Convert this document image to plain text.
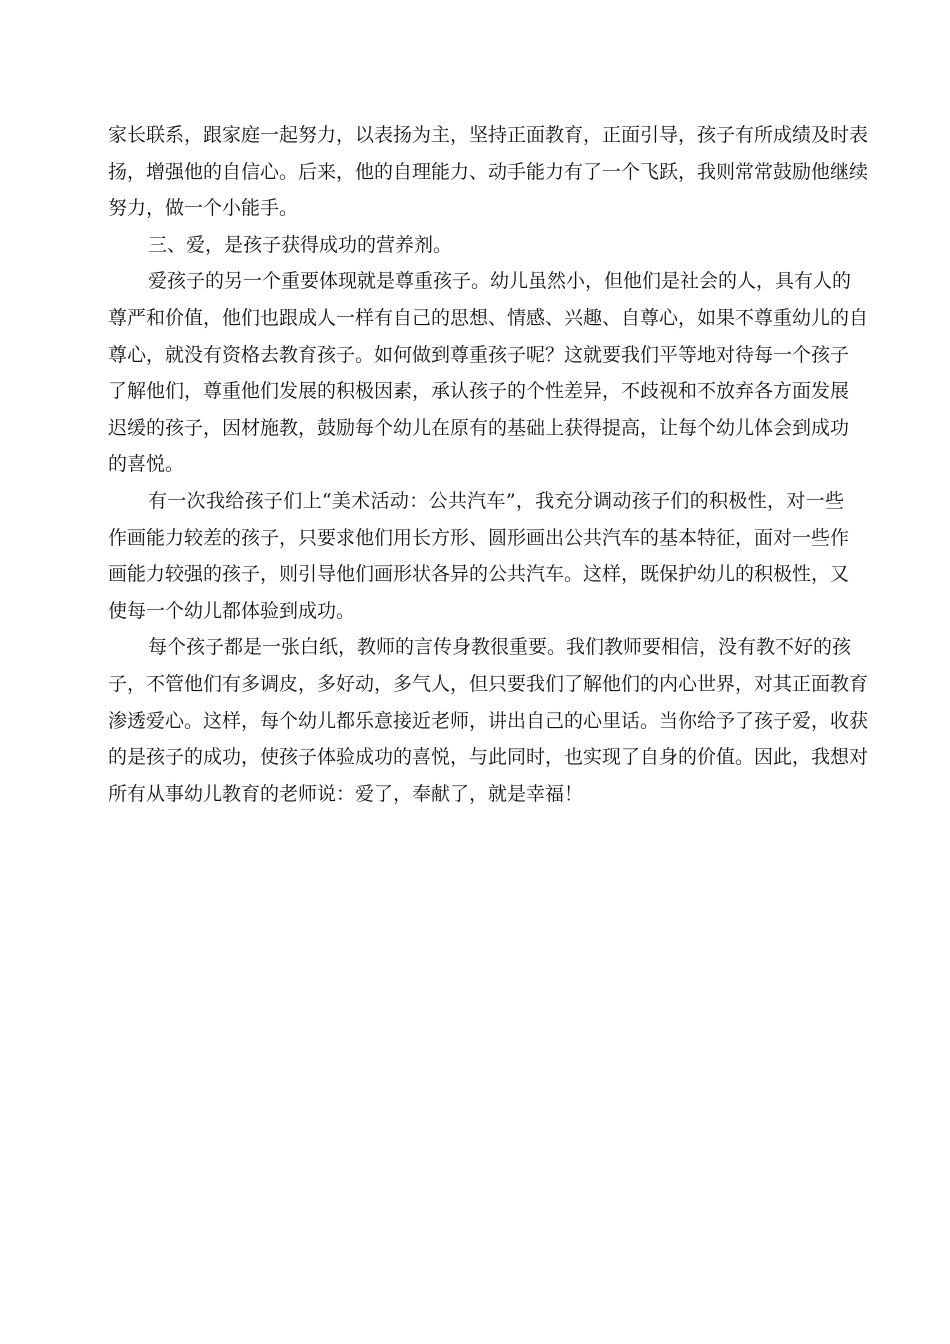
家长联系，跟家庭一起努力，以表扬为主，坚持正面教育，正面引导，孩子有所成绩及时表
扬，增强他的自信心。后来，他的自理能力、动手能力有了一个飞跃，我则常常鼓励他继续
努力，做一个小能手。
三、爱，是孩子获得成功的营养剂。
爱孩子的另一个重要体现就是尊重孩子。幼儿虽然小，但他们是社会的人，具有人的
尊严和价值，他们也跟成人一样有自己的思想、情感、兴趣、自尊心，如果不尊重幼儿的自
尊心，就没有资格去教育孩子。如何做到尊重孩子呢？这就要我们平等地对待每一个孩子
了解他们，尊重他们发展的积极因素，承认孩子的个性差异，不歧视和不放弃各方面发展
迟缓的孩子，因材施教，鼓励每个幼儿在原有的基础上获得提高，让每个幼儿体会到成功
的喜悦。
有一次我给孩子们上“美术活动：公共汽车”，我充分调动孩子们的积极性，对一些
作画能力较差的孩子，只要求他们用长方形、圆形画出公共汽车的基本特征，面对一些作
画能力较强的孩子，则引导他们画形状各异的公共汽车。这样，既保护幼儿的积极性，又
使每一个幼儿都体验到成功。
每个孩子都是一张白纸，教师的言传身教很重要。我们教师要相信，没有教不好的孩
子，不管他们有多调皮，多好动，多气人，但只要我们了解他们的内心世界，对其正面教育
渗透爱心。这样，每个幼儿都乐意接近老师，讲出自己的心里话。当你给予了孩子爱，收获
的是孩子的成功，使孩子体验成功的喜悦，与此同时，也实现了自身的价值。因此，我想对
所有从事幼儿教育的老师说：爱了，奉献了，就是幸福！
